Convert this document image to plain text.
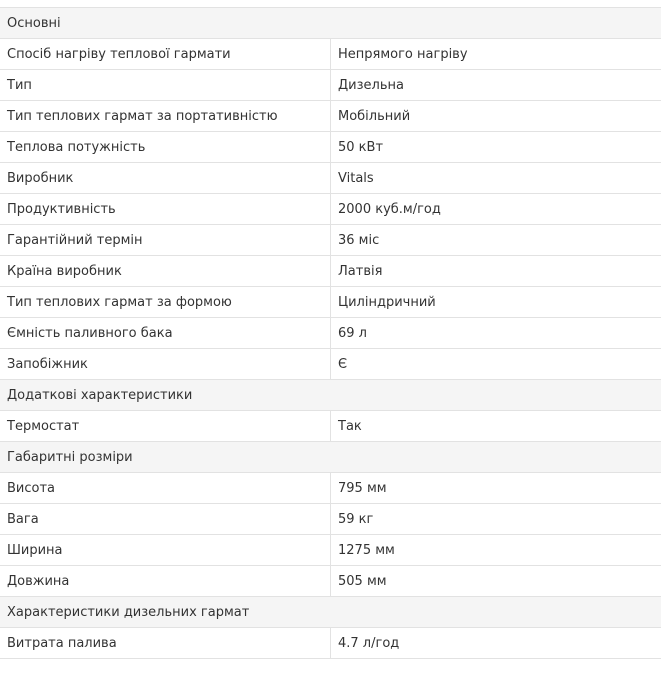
Основні	
Спосіб нагріву теплової гармати	Непрямого нагріву
Тип	Дизельна
Тип теплових гармат за портативністю	Мобільний
Теплова потужність	50 кВт
Виробник	Vitals
Продуктивність	2000 куб.м/год
Гарантійний термін	36 міс
Країна виробник	Латвія
Тип теплових гармат за формою	Циліндричний
Ємність паливного бака	69 л
Запобіжник	Є
Додаткові характеристики	
Термостат	Так
Габаритні розміри	
Висота	795 мм
Вага	59 кг
Ширина	1275 мм
Довжина	505 мм
Характеристики дизельних гармат	
Витрата палива	4.7 л/год
